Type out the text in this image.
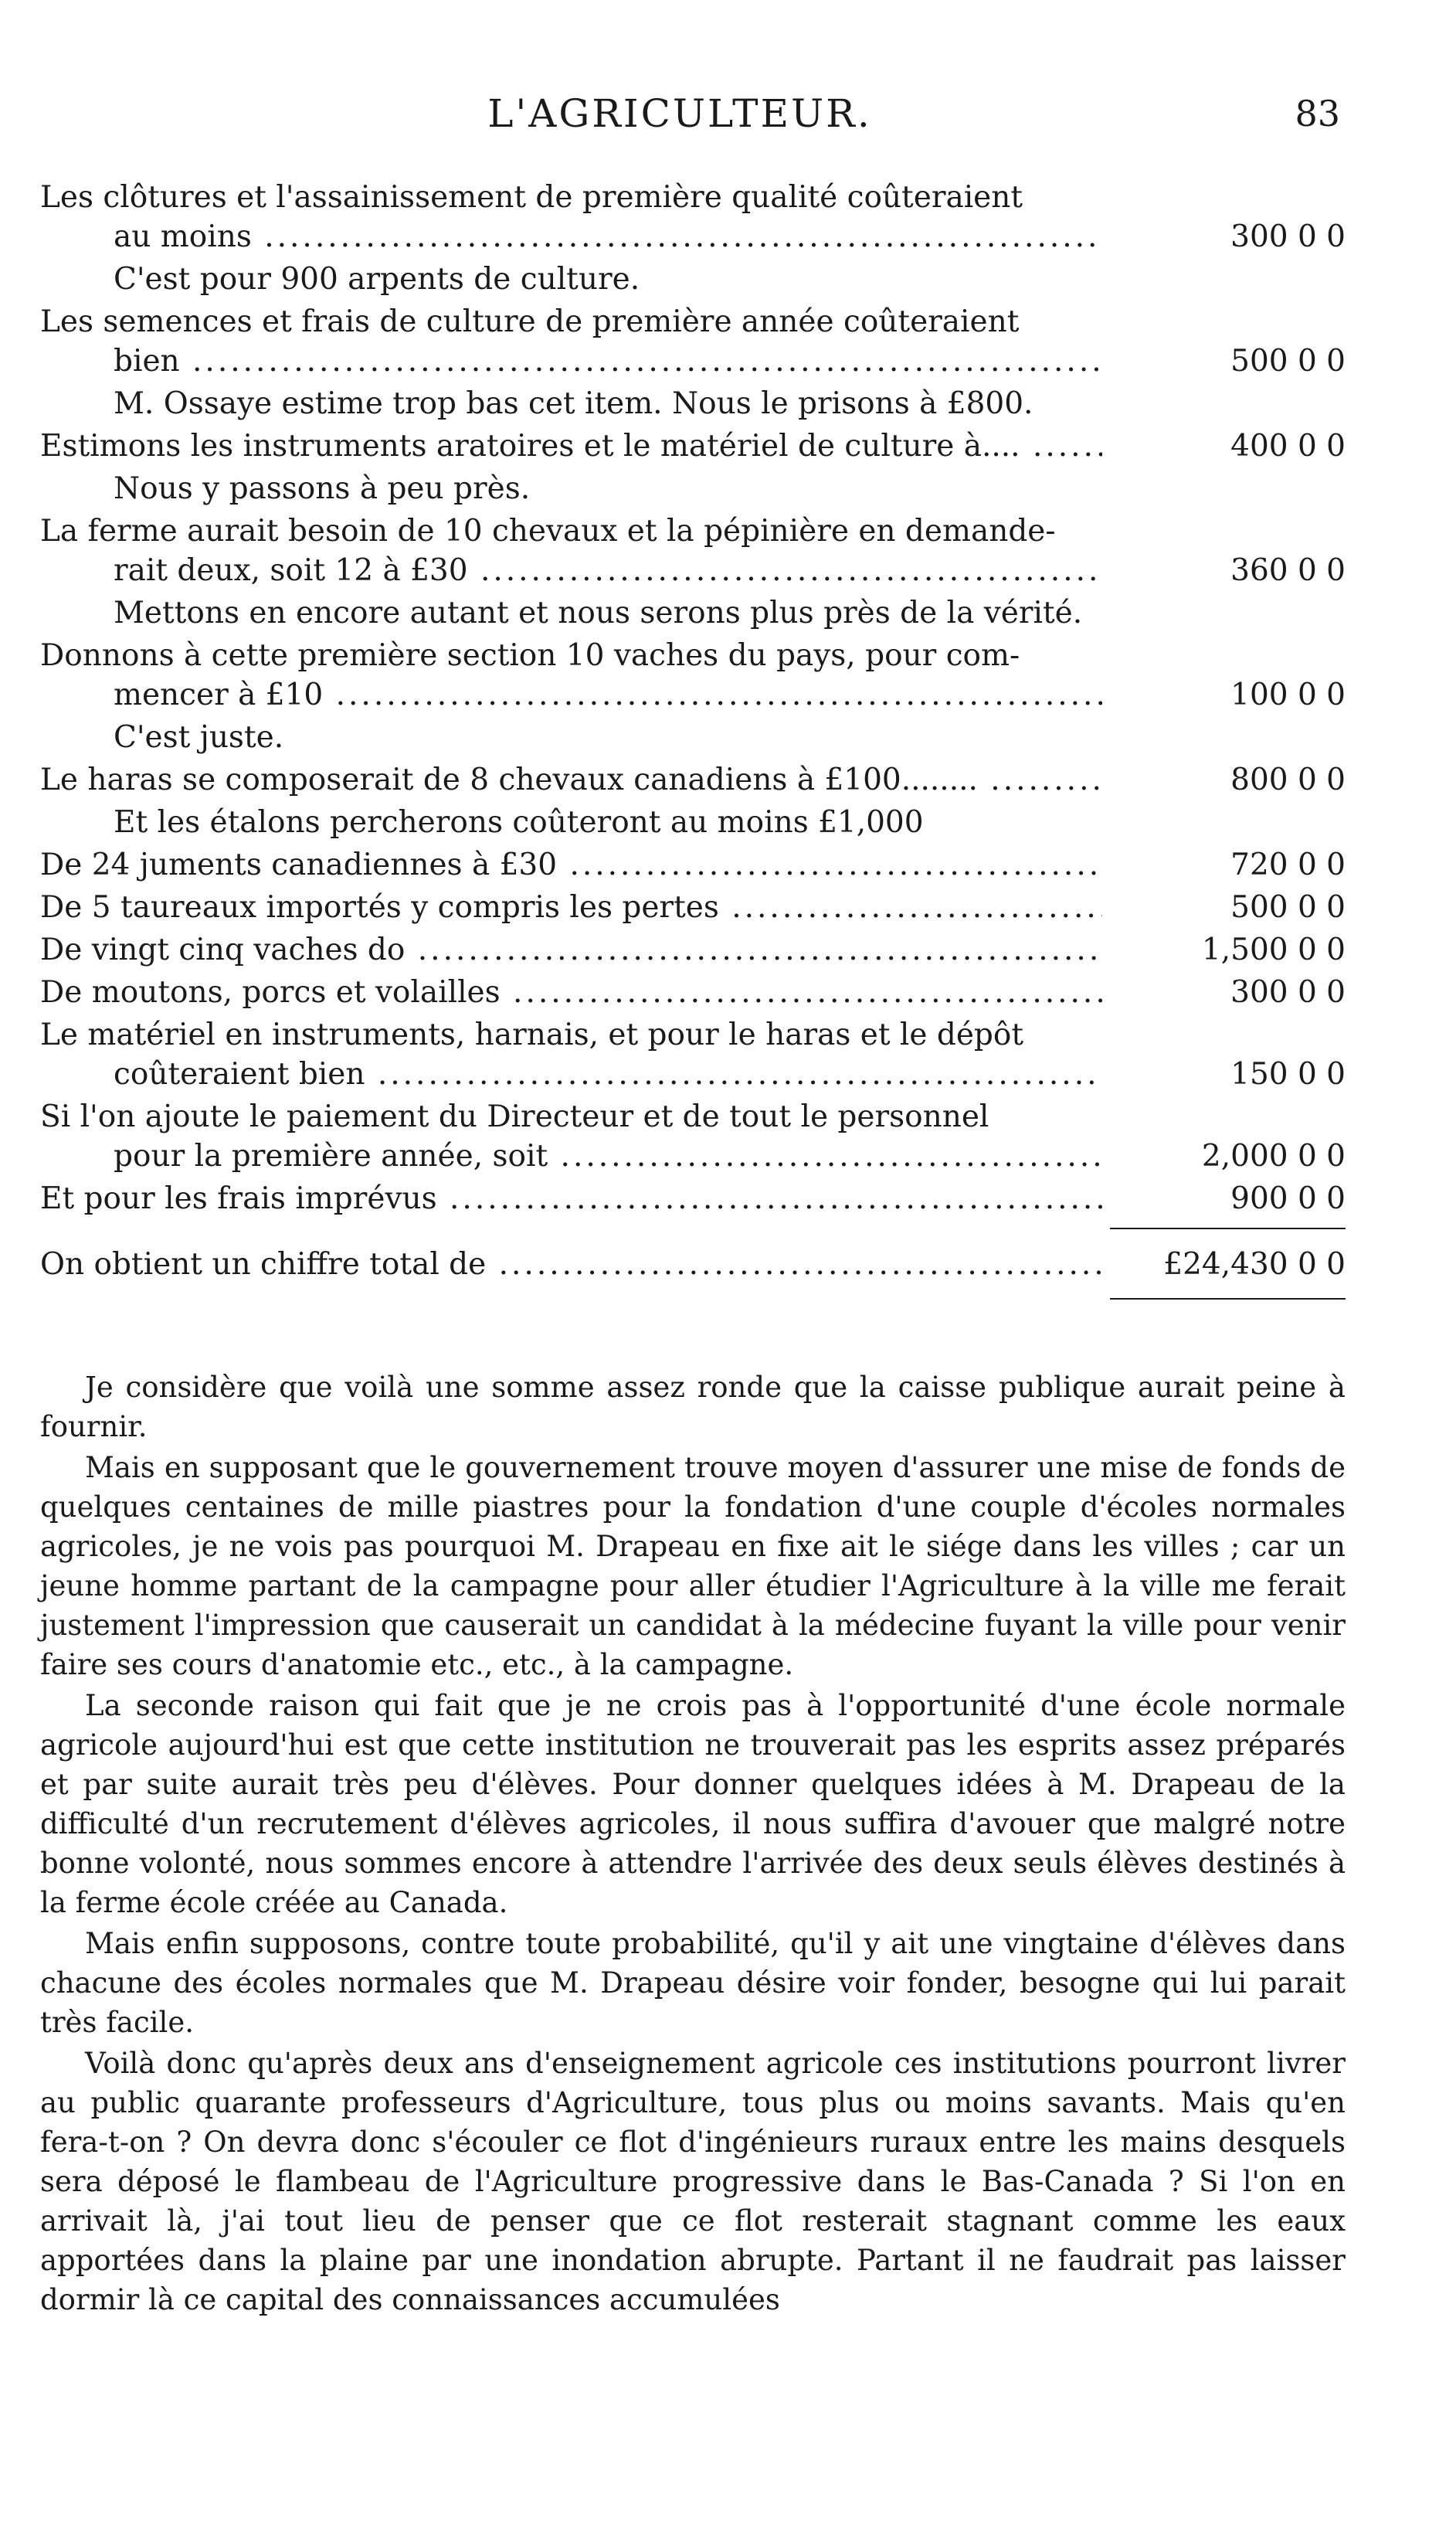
L'AGRICULTEUR.	83
Les clôtures et l'assainissement de première qualité coûteraient
au moins .....	300 0 0
C'est pour 900 arpents de culture.
Les semences et frais de culture de première année coûteraient
bien .....	500 0 0
M. Ossaye estime trop bas cet item. Nous le prisons à £800.
Estimons les instruments aratoires et le matériel de culture à.... .....	400 0 0
Nous y passons à peu près.
La ferme aurait besoin de 10 chevaux et la pépinière en demande-
rait deux, soit 12 à £30 .....	360 0 0
Mettons en encore autant et nous serons plus près de la vérité.
Donnons à cette première section 10 vaches du pays, pour com-
mencer à £10 .....	100 0 0
C'est juste.
Le haras se composerait de 8 chevaux canadiens à £100........ .....	800 0 0
Et les étalons percherons coûteront au moins £1,000
De 24 juments canadiennes à £30 .....	720 0 0
De 5 taureaux importés y compris les pertes .....	500 0 0
De vingt cinq vaches do .....	1,500 0 0
De moutons, porcs et volailles .....	300 0 0
Le matériel en instruments, harnais, et pour le haras et le dépôt
coûteraient bien .....	150 0 0
Si l'on ajoute le paiement du Directeur et de tout le personnel
pour la première année, soit .....	2,000 0 0
Et pour les frais imprévus .....	900 0 0
On obtient un chiffre total de .....	£24,430 0 0

Je considère que voilà une somme assez ronde que la caisse publique aurait peine à fournir.

Mais en supposant que le gouvernement trouve moyen d'assurer une mise de fonds de quelques centaines de mille piastres pour la fondation d'une couple d'écoles normales agricoles, je ne vois pas pourquoi M. Drapeau en fixe ait le siége dans les villes ; car un jeune homme partant de la campagne pour aller étudier l'Agriculture à la ville me ferait justement l'impression que causerait un candidat à la médecine fuyant la ville pour venir faire ses cours d'anatomie etc., etc., à la campagne.

La seconde raison qui fait que je ne crois pas à l'opportunité d'une école normale agricole aujourd'hui est que cette institution ne trouverait pas les esprits assez préparés et par suite aurait très peu d'élèves. Pour donner quelques idées à M. Drapeau de la difficulté d'un recrutement d'élèves agricoles, il nous suffira d'avouer que malgré notre bonne volonté, nous sommes encore à attendre l'arrivée des deux seuls élèves destinés à la ferme école créée au Canada.

Mais enfin supposons, contre toute probabilité, qu'il y ait une vingtaine d'élèves dans chacune des écoles normales que M. Drapeau désire voir fonder, besogne qui lui parait très facile.

Voilà donc qu'après deux ans d'enseignement agricole ces institutions pourront livrer au public quarante professeurs d'Agriculture, tous plus ou moins savants. Mais qu'en fera-t-on ? On devra donc s'écouler ce flot d'ingénieurs ruraux entre les mains desquels sera déposé le flambeau de l'Agriculture progressive dans le Bas-Canada ? Si l'on en arrivait là, j'ai tout lieu de penser que ce flot resterait stagnant comme les eaux apportées dans la plaine par une inondation abrupte. Partant il ne faudrait pas laisser dormir là ce capital des connaissances accumulées
